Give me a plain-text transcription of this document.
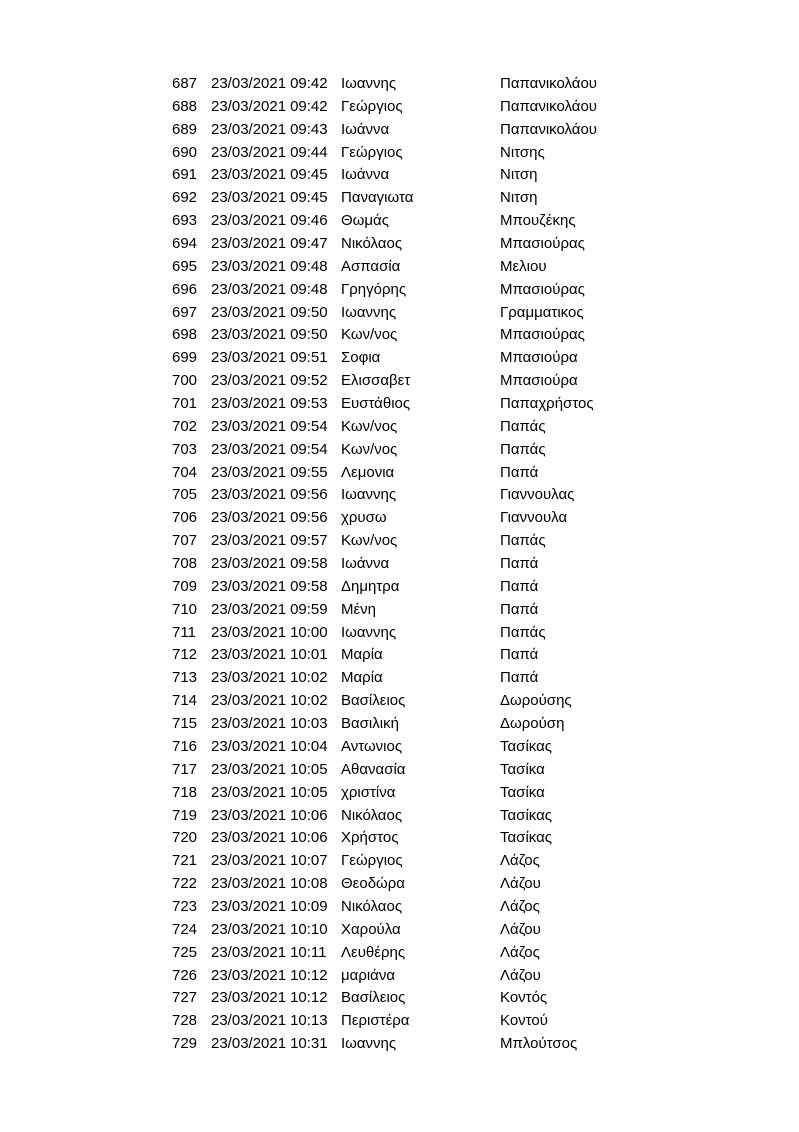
687	23/03/2021 09:42	Ιωαννης	Παπανικολάου
688	23/03/2021 09:42	Γεώργιος	Παπανικολάου
689	23/03/2021 09:43	Ιωάννα	Παπανικολάου
690	23/03/2021 09:44	Γεώργιος	Νιτσης
691	23/03/2021 09:45	Ιωάννα	Νιτση
692	23/03/2021 09:45	Παναγιωτα	Νιτση
693	23/03/2021 09:46	Θωμάς	Μπουζέκης
694	23/03/2021 09:47	Νικόλαος	Μπασιούρας
695	23/03/2021 09:48	Ασπασία	Μελιου
696	23/03/2021 09:48	Γρηγόρης	Μπασιούρας
697	23/03/2021 09:50	Ιωαννης	Γραμματικος
698	23/03/2021 09:50	Κων/νος	Μπασιούρας
699	23/03/2021 09:51	Σοφια	Μπασιούρα
700	23/03/2021 09:52	Ελισσαβετ	Μπασιούρα
701	23/03/2021 09:53	Ευστάθιος	Παπαχρήστος
702	23/03/2021 09:54	Κων/νος	Παπάς
703	23/03/2021 09:54	Κων/νος	Παπάς
704	23/03/2021 09:55	Λεμονια	Παπά
705	23/03/2021 09:56	Ιωαννης	Γιαννουλας
706	23/03/2021 09:56	χρυσω	Γιαννουλα
707	23/03/2021 09:57	Κων/νος	Παπάς
708	23/03/2021 09:58	Ιωάννα	Παπά
709	23/03/2021 09:58	Δημητρα	Παπά
710	23/03/2021 09:59	Μένη	Παπά
711	23/03/2021 10:00	Ιωαννης	Παπάς
712	23/03/2021 10:01	Μαρία	Παπά
713	23/03/2021 10:02	Μαρία	Παπά
714	23/03/2021 10:02	Βασίλειος	Δωρούσης
715	23/03/2021 10:03	Βασιλική	Δωρούση
716	23/03/2021 10:04	Αντωνιος	Τασίκας
717	23/03/2021 10:05	Αθανασία	Τασίκα
718	23/03/2021 10:05	χριστίνα	Τασίκα
719	23/03/2021 10:06	Νικόλαος	Τασίκας
720	23/03/2021 10:06	Χρήστος	Τασίκας
721	23/03/2021 10:07	Γεώργιος	Λάζος
722	23/03/2021 10:08	Θεοδώρα	Λάζου
723	23/03/2021 10:09	Νικόλαος	Λάζος
724	23/03/2021 10:10	Χαρούλα	Λάζου
725	23/03/2021 10:11	Λευθέρης	Λάζος
726	23/03/2021 10:12	μαριάνα	Λάζου
727	23/03/2021 10:12	Βασίλειος	Κοντός
728	23/03/2021 10:13	Περιστέρα	Κοντού
729	23/03/2021 10:31	Ιωαννης	Μπλούτσος
